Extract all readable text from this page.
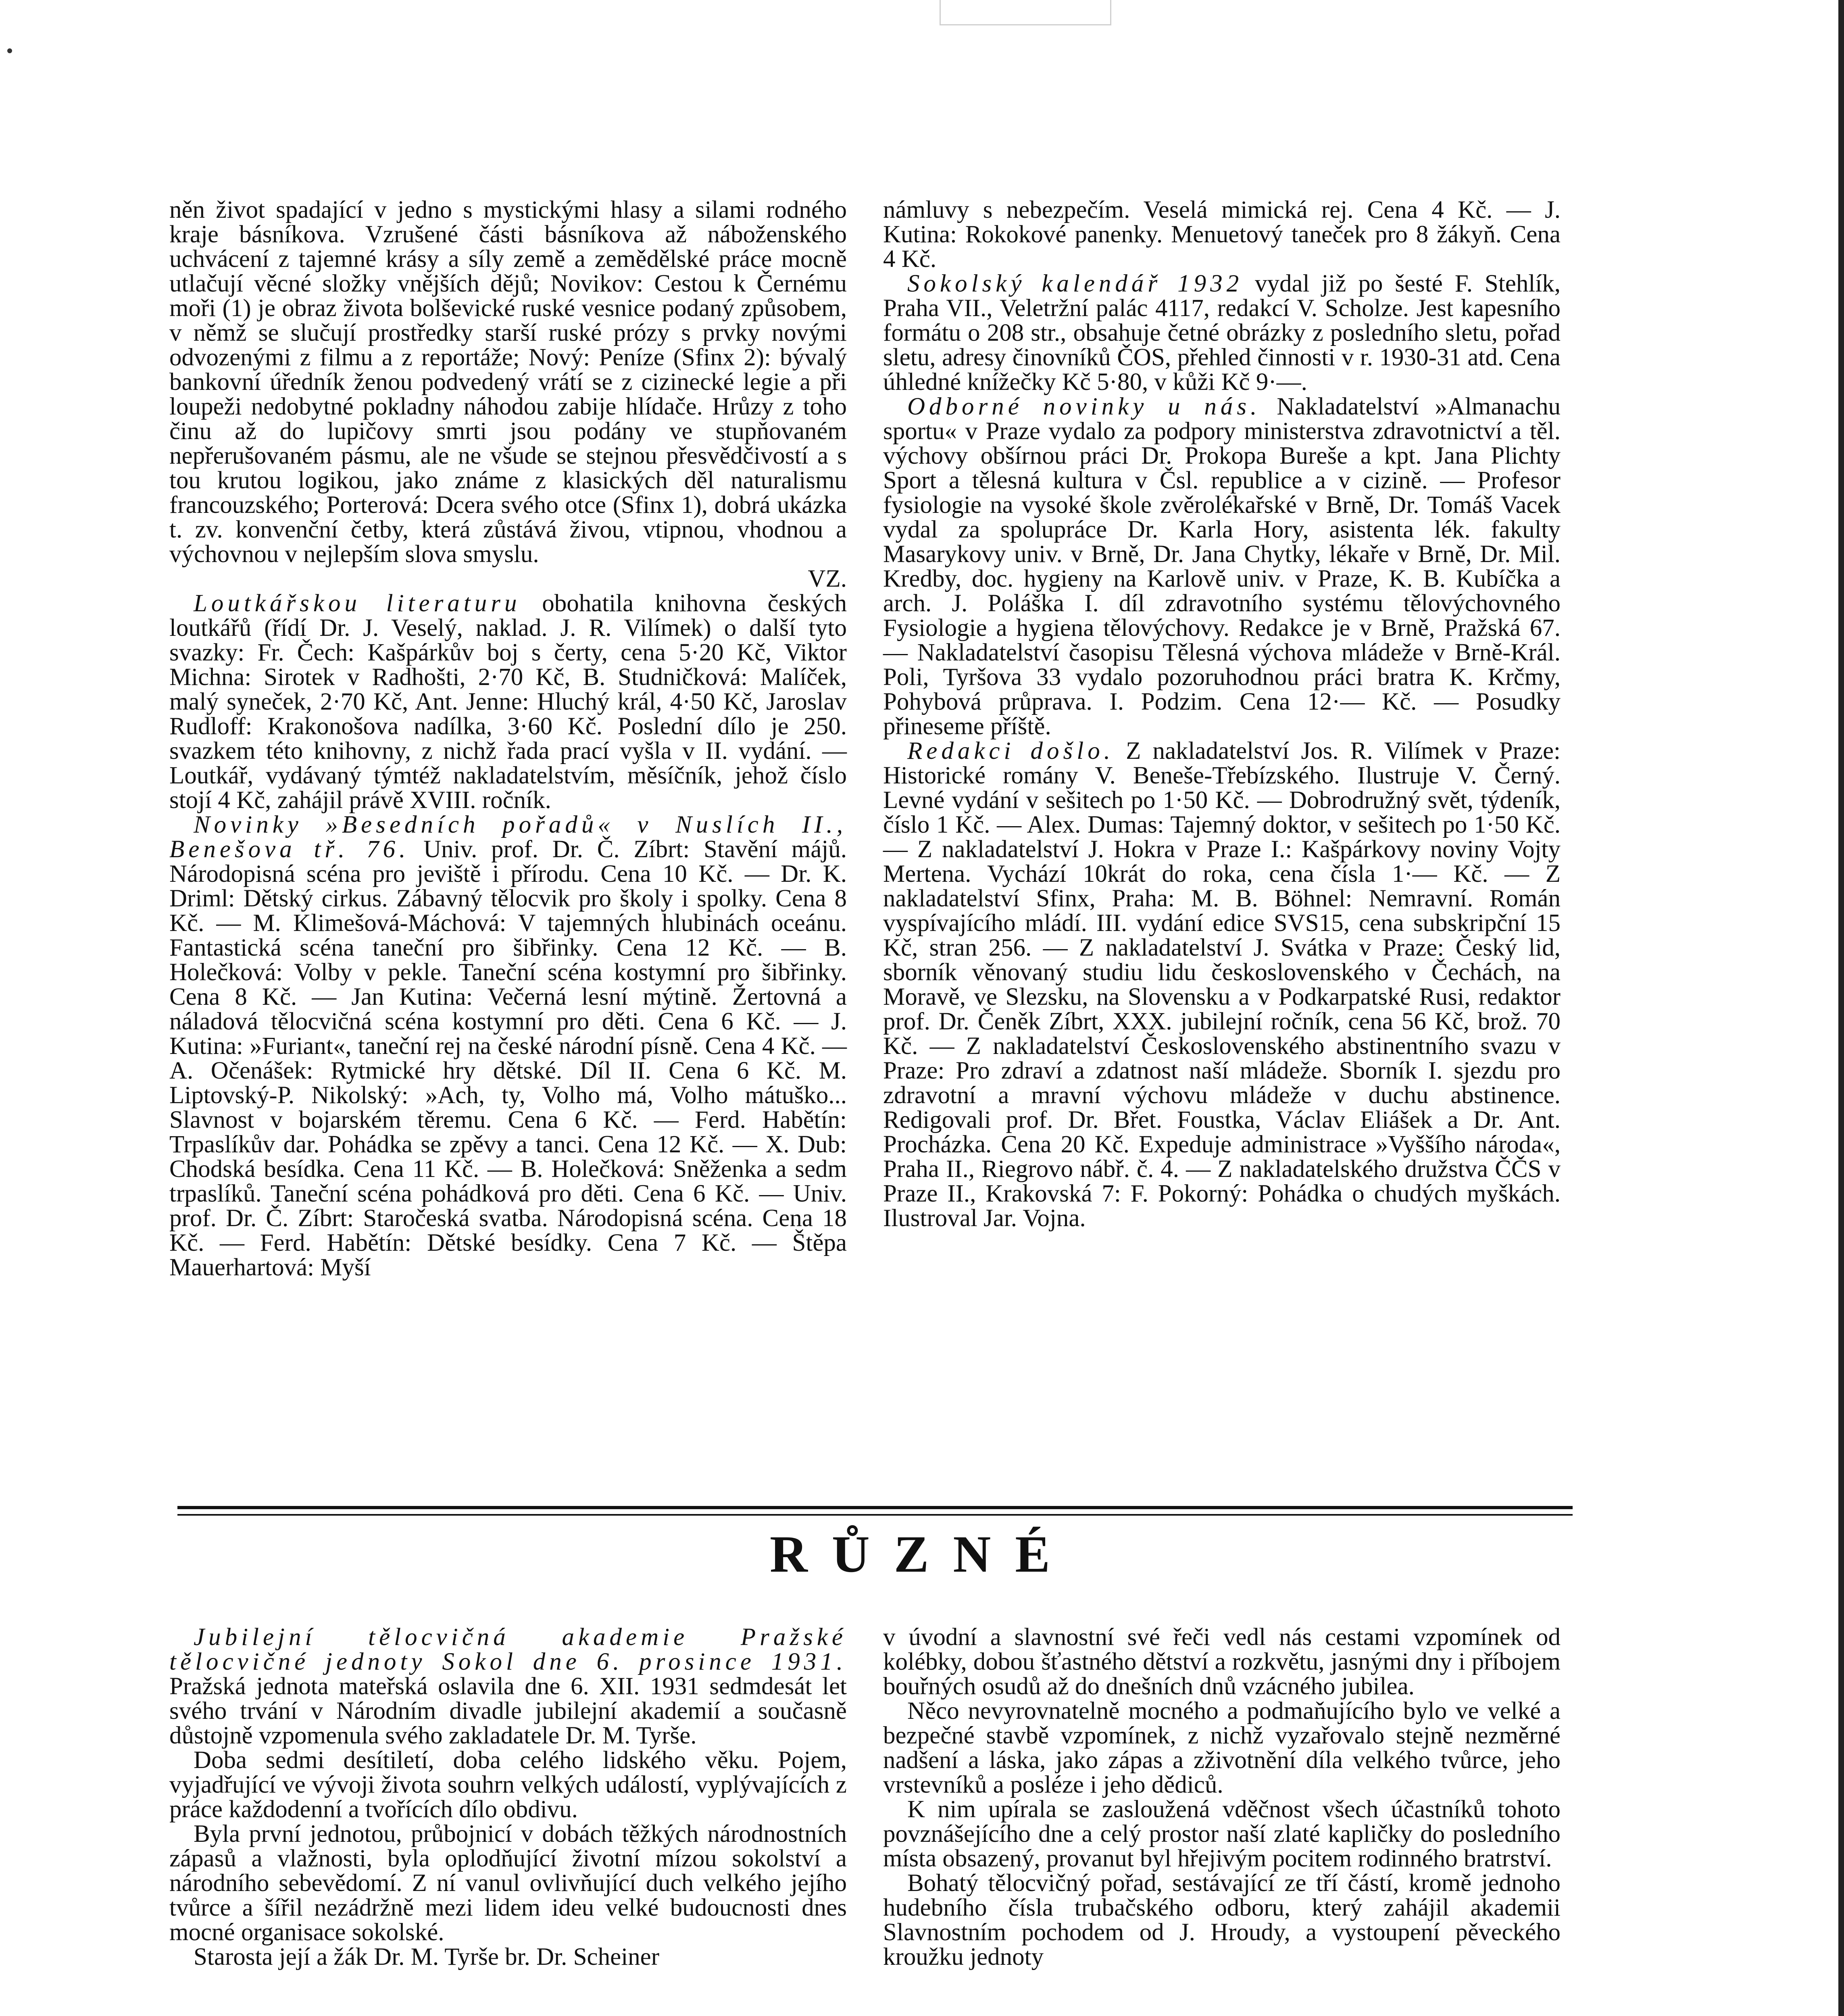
něn život spadající v jedno s mystickými hlasy a silami rodného kraje básníkova. Vzrušené části básníkova až náboženského uchvácení z tajemné krásy a síly země a zemědělské práce mocně utlačují věcné složky vnějších dějů; Novikov: Cestou k Černému moři (1) je obraz života bolševické ruské vesnice podaný způsobem, v němž se slučují prostředky starší ruské prózy s prvky novými odvozenými z filmu a z reportáže; Nový: Peníze (Sfinx 2): bývalý bankovní úředník ženou podvedený vrátí se z cizinecké legie a při loupeži nedobytné pokladny náhodou zabije hlídače. Hrůzy z toho činu až do lupičovy smrti jsou podány ve stupňovaném nepřerušovaném pásmu, ale ne všude se stejnou přesvědčivostí a s tou krutou logikou, jako známe z klasických děl naturalismu francouzského; Porterová: Dcera svého otce (Sfinx 1), dobrá ukázka t. zv. konvenční četby, která zůstává živou, vtipnou, vhodnou a výchovnou v nejlepším slova smyslu.

VZ.

Loutkářskou literaturu obohatila knihovna českých loutkářů (řídí Dr. J. Veselý, naklad. J. R. Vilímek) o další tyto svazky: Fr. Čech: Kašpárkův boj s čerty, cena 5·20 Kč, Viktor Michna: Sirotek v Radhošti, 2·70 Kč, B. Studničková: Malíček, malý syneček, 2·70 Kč, Ant. Jenne: Hluchý král, 4·50 Kč, Jaroslav Rudloff: Krakonošova nadílka, 3·60 Kč. Poslední dílo je 250. svazkem této knihovny, z nichž řada prací vyšla v II. vydání. — Loutkář, vydávaný týmtéž nakladatelstvím, měsíčník, jehož číslo stojí 4 Kč, zahájil právě XVIII. ročník.

Novinky »Besedních pořadů« v Nuslích II., Benešova tř. 76. Univ. prof. Dr. Č. Zíbrt: Stavění májů. Národopisná scéna pro jeviště i přírodu. Cena 10 Kč. — Dr. K. Driml: Dětský cirkus. Zábavný tělocvik pro školy i spolky. Cena 8 Kč. — M. Klimešová-Máchová: V tajemných hlubinách oceánu. Fantastická scéna taneční pro šibřinky. Cena 12 Kč. — B. Holečková: Volby v pekle. Taneční scéna kostymní pro šibřinky. Cena 8 Kč. — Jan Kutina: Večerná lesní mýtině. Žertovná a náladová tělocvičná scéna kostymní pro děti. Cena 6 Kč. — J. Kutina: »Furiant«, taneční rej na české národní písně. Cena 4 Kč. — A. Očenášek: Rytmické hry dětské. Díl II. Cena 6 Kč. M. Liptovský-P. Nikolský: »Ach, ty, Volho má, Volho mátuško... Slavnost v bojarském těremu. Cena 6 Kč. — Ferd. Habětín: Trpaslíkův dar. Pohádka se zpěvy a tanci. Cena 12 Kč. — X. Dub: Chodská besídka. Cena 11 Kč. — B. Holečková: Sněženka a sedm trpaslíků. Taneční scéna pohádková pro děti. Cena 6 Kč. — Univ. prof. Dr. Č. Zíbrt: Staročeská svatba. Národopisná scéna. Cena 18 Kč. — Ferd. Habětín: Dětské besídky. Cena 7 Kč. — Štěpa Mauerhartová: Myší

námluvy s nebezpečím. Veselá mimická rej. Cena 4 Kč. — J. Kutina: Rokokové panenky. Menuetový taneček pro 8 žákyň. Cena 4 Kč.

Sokolský kalendář 1932 vydal již po šesté F. Stehlík, Praha VII., Veletržní palác 4117, redakcí V. Scholze. Jest kapesního formátu o 208 str., obsahuje četné obrázky z posledního sletu, pořad sletu, adresy činovníků ČOS, přehled činnosti v r. 1930-31 atd. Cena úhledné knížečky Kč 5·80, v kůži Kč 9·—.

Odborné novinky u nás. Nakladatelství »Almanachu sportu« v Praze vydalo za podpory ministerstva zdravotnictví a těl. výchovy obšírnou práci Dr. Prokopa Bureše a kpt. Jana Plichty Sport a tělesná kultura v Čsl. republice a v cizině. — Profesor fysiologie na vysoké škole zvěrolékařské v Brně, Dr. Tomáš Vacek vydal za spolupráce Dr. Karla Hory, asistenta lék. fakulty Masarykovy univ. v Brně, Dr. Jana Chytky, lékaře v Brně, Dr. Mil. Kredby, doc. hygieny na Karlově univ. v Praze, K. B. Kubíčka a arch. J. Poláška I. díl zdravotního systému tělovýchovného Fysiologie a hygiena tělovýchovy. Redakce je v Brně, Pražská 67. — Nakladatelství časopisu Tělesná výchova mládeže v Brně-Král. Poli, Tyršova 33 vydalo pozoruhodnou práci bratra K. Krčmy, Pohybová průprava. I. Podzim. Cena 12·— Kč. — Posudky přineseme příště.

Redakci došlo. Z nakladatelství Jos. R. Vilímek v Praze: Historické romány V. Beneše-Třebízského. Ilustruje V. Černý. Levné vydání v sešitech po 1·50 Kč. — Dobrodružný svět, týdeník, číslo 1 Kč. — Alex. Dumas: Tajemný doktor, v sešitech po 1·50 Kč. — Z nakladatelství J. Hokra v Praze I.: Kašpárkovy noviny Vojty Mertena. Vychází 10krát do roka, cena čísla 1·— Kč. — Z nakladatelství Sfinx, Praha: M. B. Böhnel: Nemravní. Román vyspívajícího mládí. III. vydání edice SVS15, cena subskripční 15 Kč, stran 256. — Z nakladatelství J. Svátka v Praze: Český lid, sborník věnovaný studiu lidu československého v Čechách, na Moravě, ve Slezsku, na Slovensku a v Podkarpatské Rusi, redaktor prof. Dr. Čeněk Zíbrt, XXX. jubilejní ročník, cena 56 Kč, brož. 70 Kč. — Z nakladatelství Československého abstinentního svazu v Praze: Pro zdraví a zdatnost naší mládeže. Sborník I. sjezdu pro zdravotní a mravní výchovu mládeže v duchu abstinence. Redigovali prof. Dr. Břet. Foustka, Václav Eliášek a Dr. Ant. Procházka. Cena 20 Kč. Expeduje administrace »Vyššího národa«, Praha II., Riegrovo nábř. č. 4. — Z nakladatelského družstva ČČS v Praze II., Krakovská 7: F. Pokorný: Pohádka o chudých myškách. Ilustroval Jar. Vojna.

RŮZNÉ

Jubilejní tělocvičná akademie Pražské tělocvičné jednoty Sokol dne 6. prosince 1931. Pražská jednota mateřská oslavila dne 6. XII. 1931 sedmdesát let svého trvání v Národním divadle jubilejní akademií a současně důstojně vzpomenula svého zakladatele Dr. M. Tyrše.

Doba sedmi desítiletí, doba celého lidského věku. Pojem, vyjadřující ve vývoji života souhrn velkých událostí, vyplývajících z práce každodenní a tvořících dílo obdivu.

Byla první jednotou, průbojnicí v dobách těžkých národnostních zápasů a vlažnosti, byla oplodňující životní mízou sokolství a národního sebevědomí. Z ní vanul ovlivňující duch velkého jejího tvůrce a šířil nezádržně mezi lidem ideu velké budoucnosti dnes mocné organisace sokolské.

Starosta její a žák Dr. M. Tyrše br. Dr. Scheiner

v úvodní a slavnostní své řeči vedl nás cestami vzpomínek od kolébky, dobou šťastného dětství a rozkvětu, jasnými dny i příbojem bouřných osudů až do dnešních dnů vzácného jubilea.

Něco nevyrovnatelně mocného a podmaňujícího bylo ve velké a bezpečné stavbě vzpomínek, z nichž vyzařovalo stejně nezměrné nadšení a láska, jako zápas a zživotnění díla velkého tvůrce, jeho vrstevníků a posléze i jeho dědiců.

K nim upírala se zasloužená vděčnost všech účastníků tohoto povznášejícího dne a celý prostor naší zlaté kapličky do posledního místa obsazený, provanut byl hřejivým pocitem rodinného bratrství.

Bohatý tělocvičný pořad, sestávající ze tří částí, kromě jednoho hudebního čísla trubačského odboru, který zahájil akademii Slavnostním pochodem od J. Hroudy, a vystoupení pěveckého kroužku jednoty
